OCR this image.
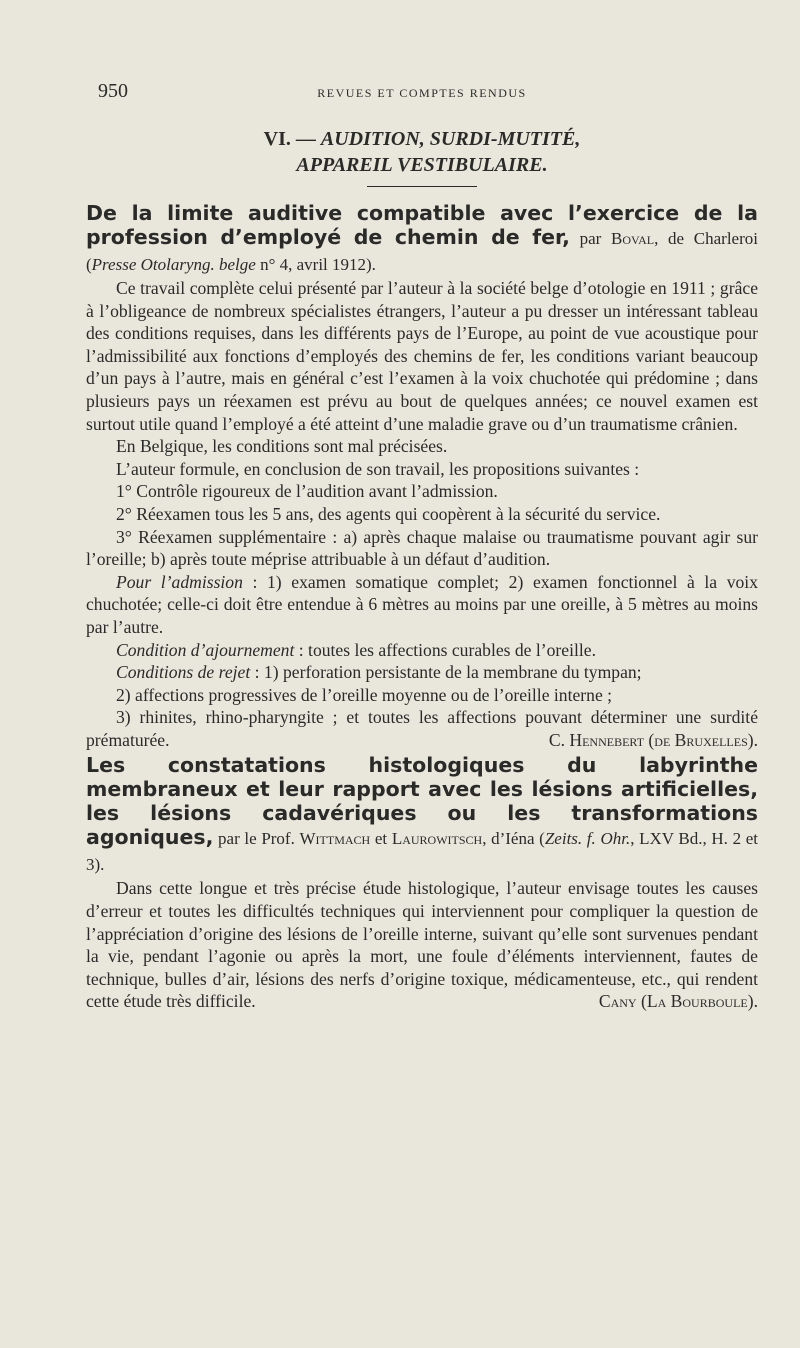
950	REVUES ET COMPTES RENDUS
VI. — AUDITION, SURDI-MUTITÉ,
APPAREIL VESTIBULAIRE.

De la limite auditive compatible avec l’exercice de la profession d’employé de chemin de fer, par Boval, de Charleroi (Presse Otolaryng. belge n° 4, avril 1912).

Ce travail complète celui présenté par l’auteur à la société belge d’otologie en 1911 ; grâce à l’obligeance de nombreux spécialistes étrangers, l’auteur a pu dresser un intéressant tableau des conditions requises, dans les différents pays de l’Europe, au point de vue acoustique pour l’admissibilité aux fonctions d’employés des chemins de fer, les conditions variant beaucoup d’un pays à l’autre, mais en général c’est l’examen à la voix chuchotée qui prédomine ; dans plusieurs pays un réexamen est prévu au bout de quelques années; ce nouvel examen est surtout utile quand l’employé a été atteint d’une maladie grave ou d’un traumatisme crânien.

En Belgique, les conditions sont mal précisées.

L’auteur formule, en conclusion de son travail, les propositions suivantes :

1° Contrôle rigoureux de l’audition avant l’admission.

2° Réexamen tous les 5 ans, des agents qui coopèrent à la sécurité du service.

3° Réexamen supplémentaire : a) après chaque malaise ou traumatisme pouvant agir sur l’oreille; b) après toute méprise attribuable à un défaut d’audition.

Pour l’admission : 1) examen somatique complet; 2) examen fonctionnel à la voix chuchotée; celle-ci doit être entendue à 6 mètres au moins par une oreille, à 5 mètres au moins par l’autre.

Condition d’ajournement : toutes les affections curables de l’oreille.

Conditions de rejet : 1) perforation persistante de la membrane du tympan;

2) affections progressives de l’oreille moyenne ou de l’oreille interne ;

3) rhinites, rhino-pharyngite ; et toutes les affections pouvant déterminer une surdité prématurée.	C. Hennebert (de Bruxelles).

Les constatations histologiques du labyrinthe membraneux et leur rapport avec les lésions artificielles, les lésions cadavériques ou les transformations agoniques, par le Prof. Wittmach et Laurowitsch, d’Iéna (Zeits. f. Ohr., LXV Bd., H. 2 et 3).

Dans cette longue et très précise étude histologique, l’auteur envisage toutes les causes d’erreur et toutes les difficultés techniques qui interviennent pour compliquer la question de l’appréciation d’origine des lésions de l’oreille interne, suivant qu’elle sont survenues pendant la vie, pendant l’agonie ou après la mort, une foule d’éléments interviennent, fautes de technique, bulles d’air, lésions des nerfs d’origine toxique, médicamenteuse, etc., qui rendent cette étude très difficile.	Cany (La Bourboule).
